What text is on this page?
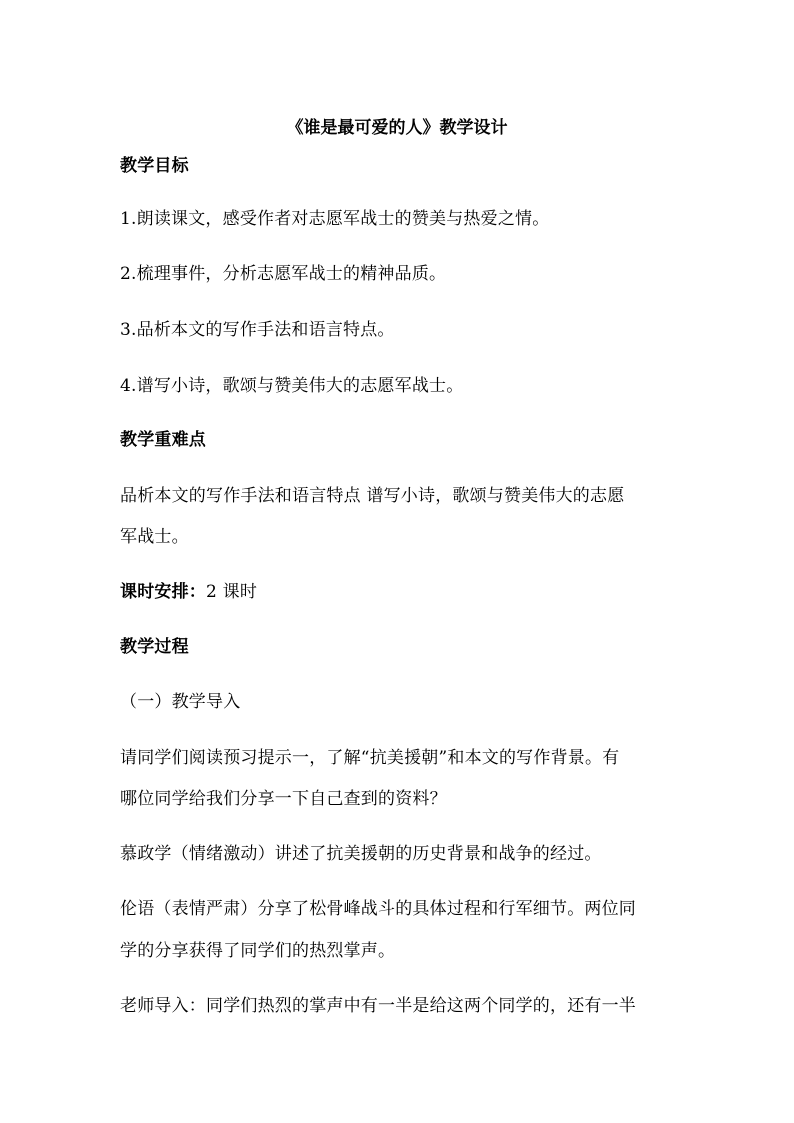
《谁是最可爱的人》教学设计
教学目标
1.朗读课文，感受作者对志愿军战士的赞美与热爱之情。
2.梳理事件，分析志愿军战士的精神品质。
3.品析本文的写作手法和语言特点。
4.谱写小诗，歌颂与赞美伟大的志愿军战士。
教学重难点
品析本文的写作手法和语言特点 谱写小诗，歌颂与赞美伟大的志愿
军战士。
课时安排：2 课时
教学过程
（一）教学导入
请同学们阅读预习提示一，了解“抗美援朝”和本文的写作背景。有
哪位同学给我们分享一下自己查到的资料？
慕政学（情绪激动）讲述了抗美援朝的历史背景和战争的经过。
伦语（表情严肃）分享了松骨峰战斗的具体过程和行军细节。两位同
学的分享获得了同学们的热烈掌声。
老师导入：同学们热烈的掌声中有一半是给这两个同学的，还有一半
